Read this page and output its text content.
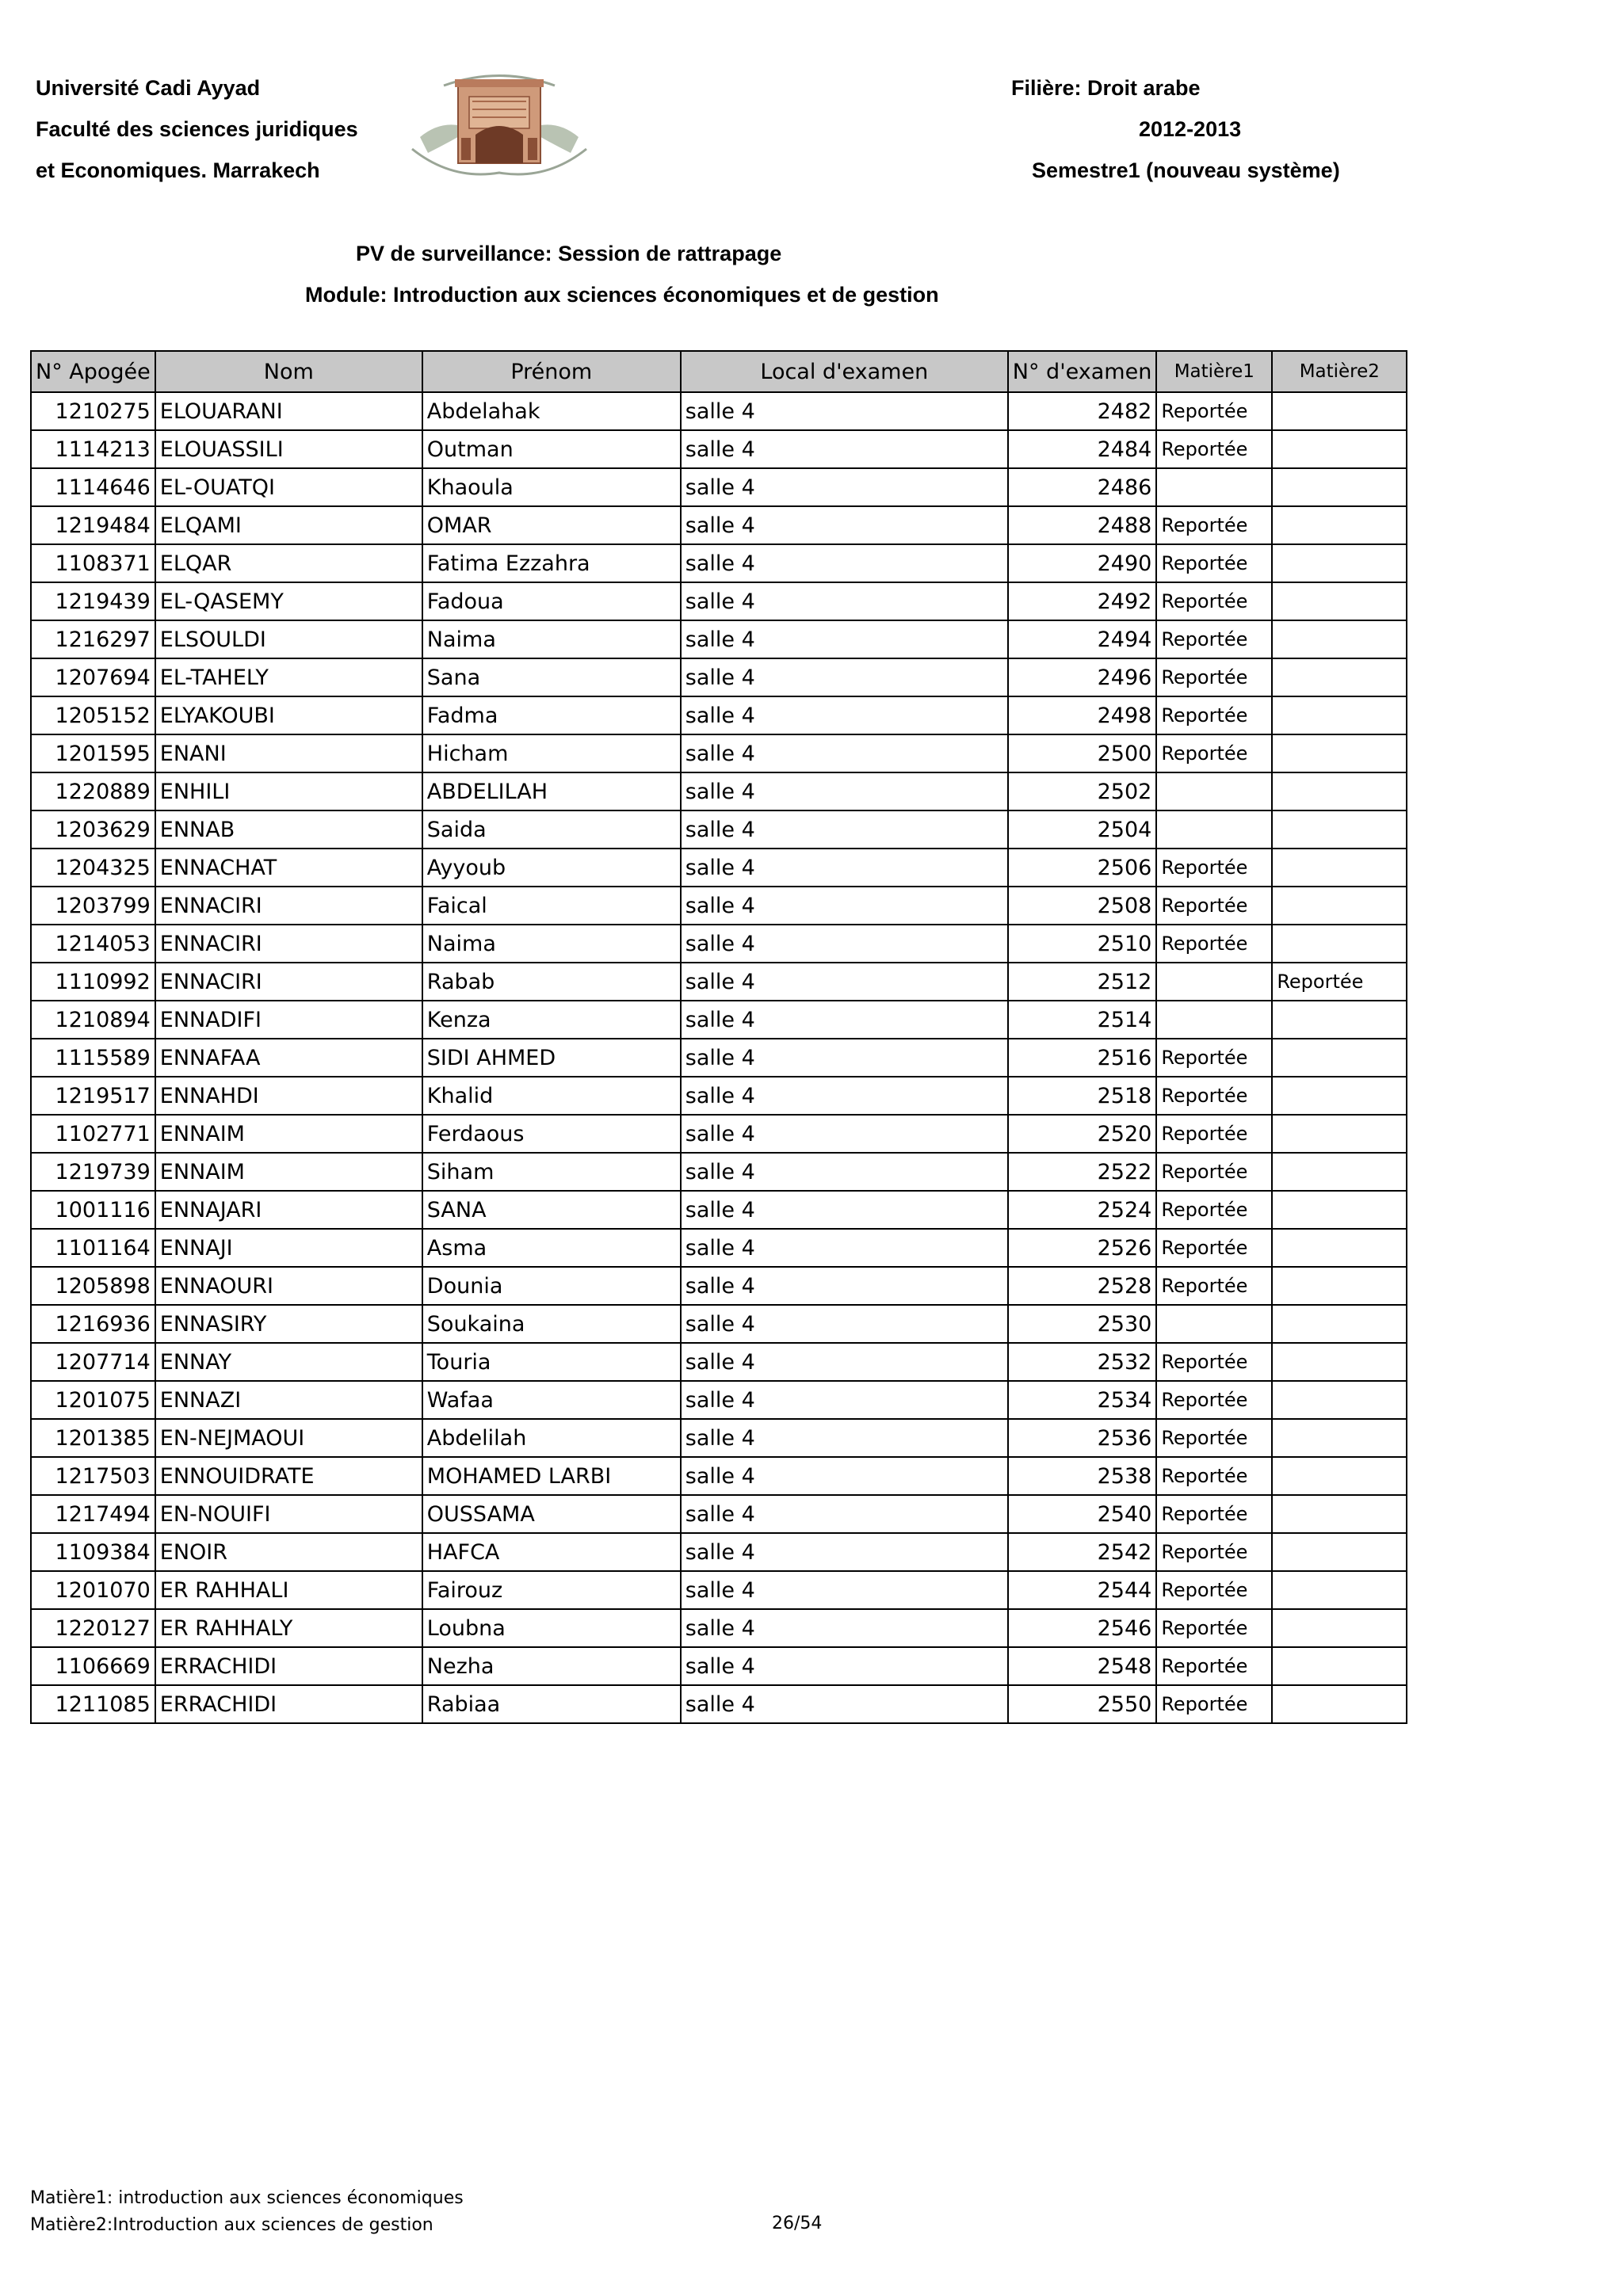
Université Cadi Ayyad
Faculté des sciences juridiques
et Economiques. Marrakech
Filière: Droit arabe
2012-2013
Semestre1 (nouveau système)
PV de surveillance: Session de rattrapage
Module: Introduction aux sciences économiques et de gestion
N° Apogée	Nom	Prénom	Local d'examen	N° d'examen	Matière1	Matière2
1210275	ELOUARANI	Abdelahak	salle 4	2482	Reportée	
1114213	ELOUASSILI	Outman	salle 4	2484	Reportée	
1114646	EL-OUATQI	Khaoula	salle 4	2486		
1219484	ELQAMI	OMAR	salle 4	2488	Reportée	
1108371	ELQAR	Fatima Ezzahra	salle 4	2490	Reportée	
1219439	EL-QASEMY	Fadoua	salle 4	2492	Reportée	
1216297	ELSOULDI	Naima	salle 4	2494	Reportée	
1207694	EL-TAHELY	Sana	salle 4	2496	Reportée	
1205152	ELYAKOUBI	Fadma	salle 4	2498	Reportée	
1201595	ENANI	Hicham	salle 4	2500	Reportée	
1220889	ENHILI	ABDELILAH	salle 4	2502		
1203629	ENNAB	Saida	salle 4	2504		
1204325	ENNACHAT	Ayyoub	salle 4	2506	Reportée	
1203799	ENNACIRI	Faical	salle 4	2508	Reportée	
1214053	ENNACIRI	Naima	salle 4	2510	Reportée	
1110992	ENNACIRI	Rabab	salle 4	2512		Reportée
1210894	ENNADIFI	Kenza	salle 4	2514		
1115589	ENNAFAA	SIDI AHMED	salle 4	2516	Reportée	
1219517	ENNAHDI	Khalid	salle 4	2518	Reportée	
1102771	ENNAIM	Ferdaous	salle 4	2520	Reportée	
1219739	ENNAIM	Siham	salle 4	2522	Reportée	
1001116	ENNAJARI	SANA	salle 4	2524	Reportée	
1101164	ENNAJI	Asma	salle 4	2526	Reportée	
1205898	ENNAOURI	Dounia	salle 4	2528	Reportée	
1216936	ENNASIRY	Soukaina	salle 4	2530		
1207714	ENNAY	Touria	salle 4	2532	Reportée	
1201075	ENNAZI	Wafaa	salle 4	2534	Reportée	
1201385	EN-NEJMAOUI	Abdelilah	salle 4	2536	Reportée	
1217503	ENNOUIDRATE	MOHAMED LARBI	salle 4	2538	Reportée	
1217494	EN-NOUIFI	OUSSAMA	salle 4	2540	Reportée	
1109384	ENOIR	HAFCA	salle 4	2542	Reportée	
1201070	ER RAHHALI	Fairouz	salle 4	2544	Reportée	
1220127	ER RAHHALY	Loubna	salle 4	2546	Reportée	
1106669	ERRACHIDI	Nezha	salle 4	2548	Reportée	
1211085	ERRACHIDI	Rabiaa	salle 4	2550	Reportée	
Matière1: introduction aux sciences économiques
Matière2:Introduction aux sciences de gestion	26/54
